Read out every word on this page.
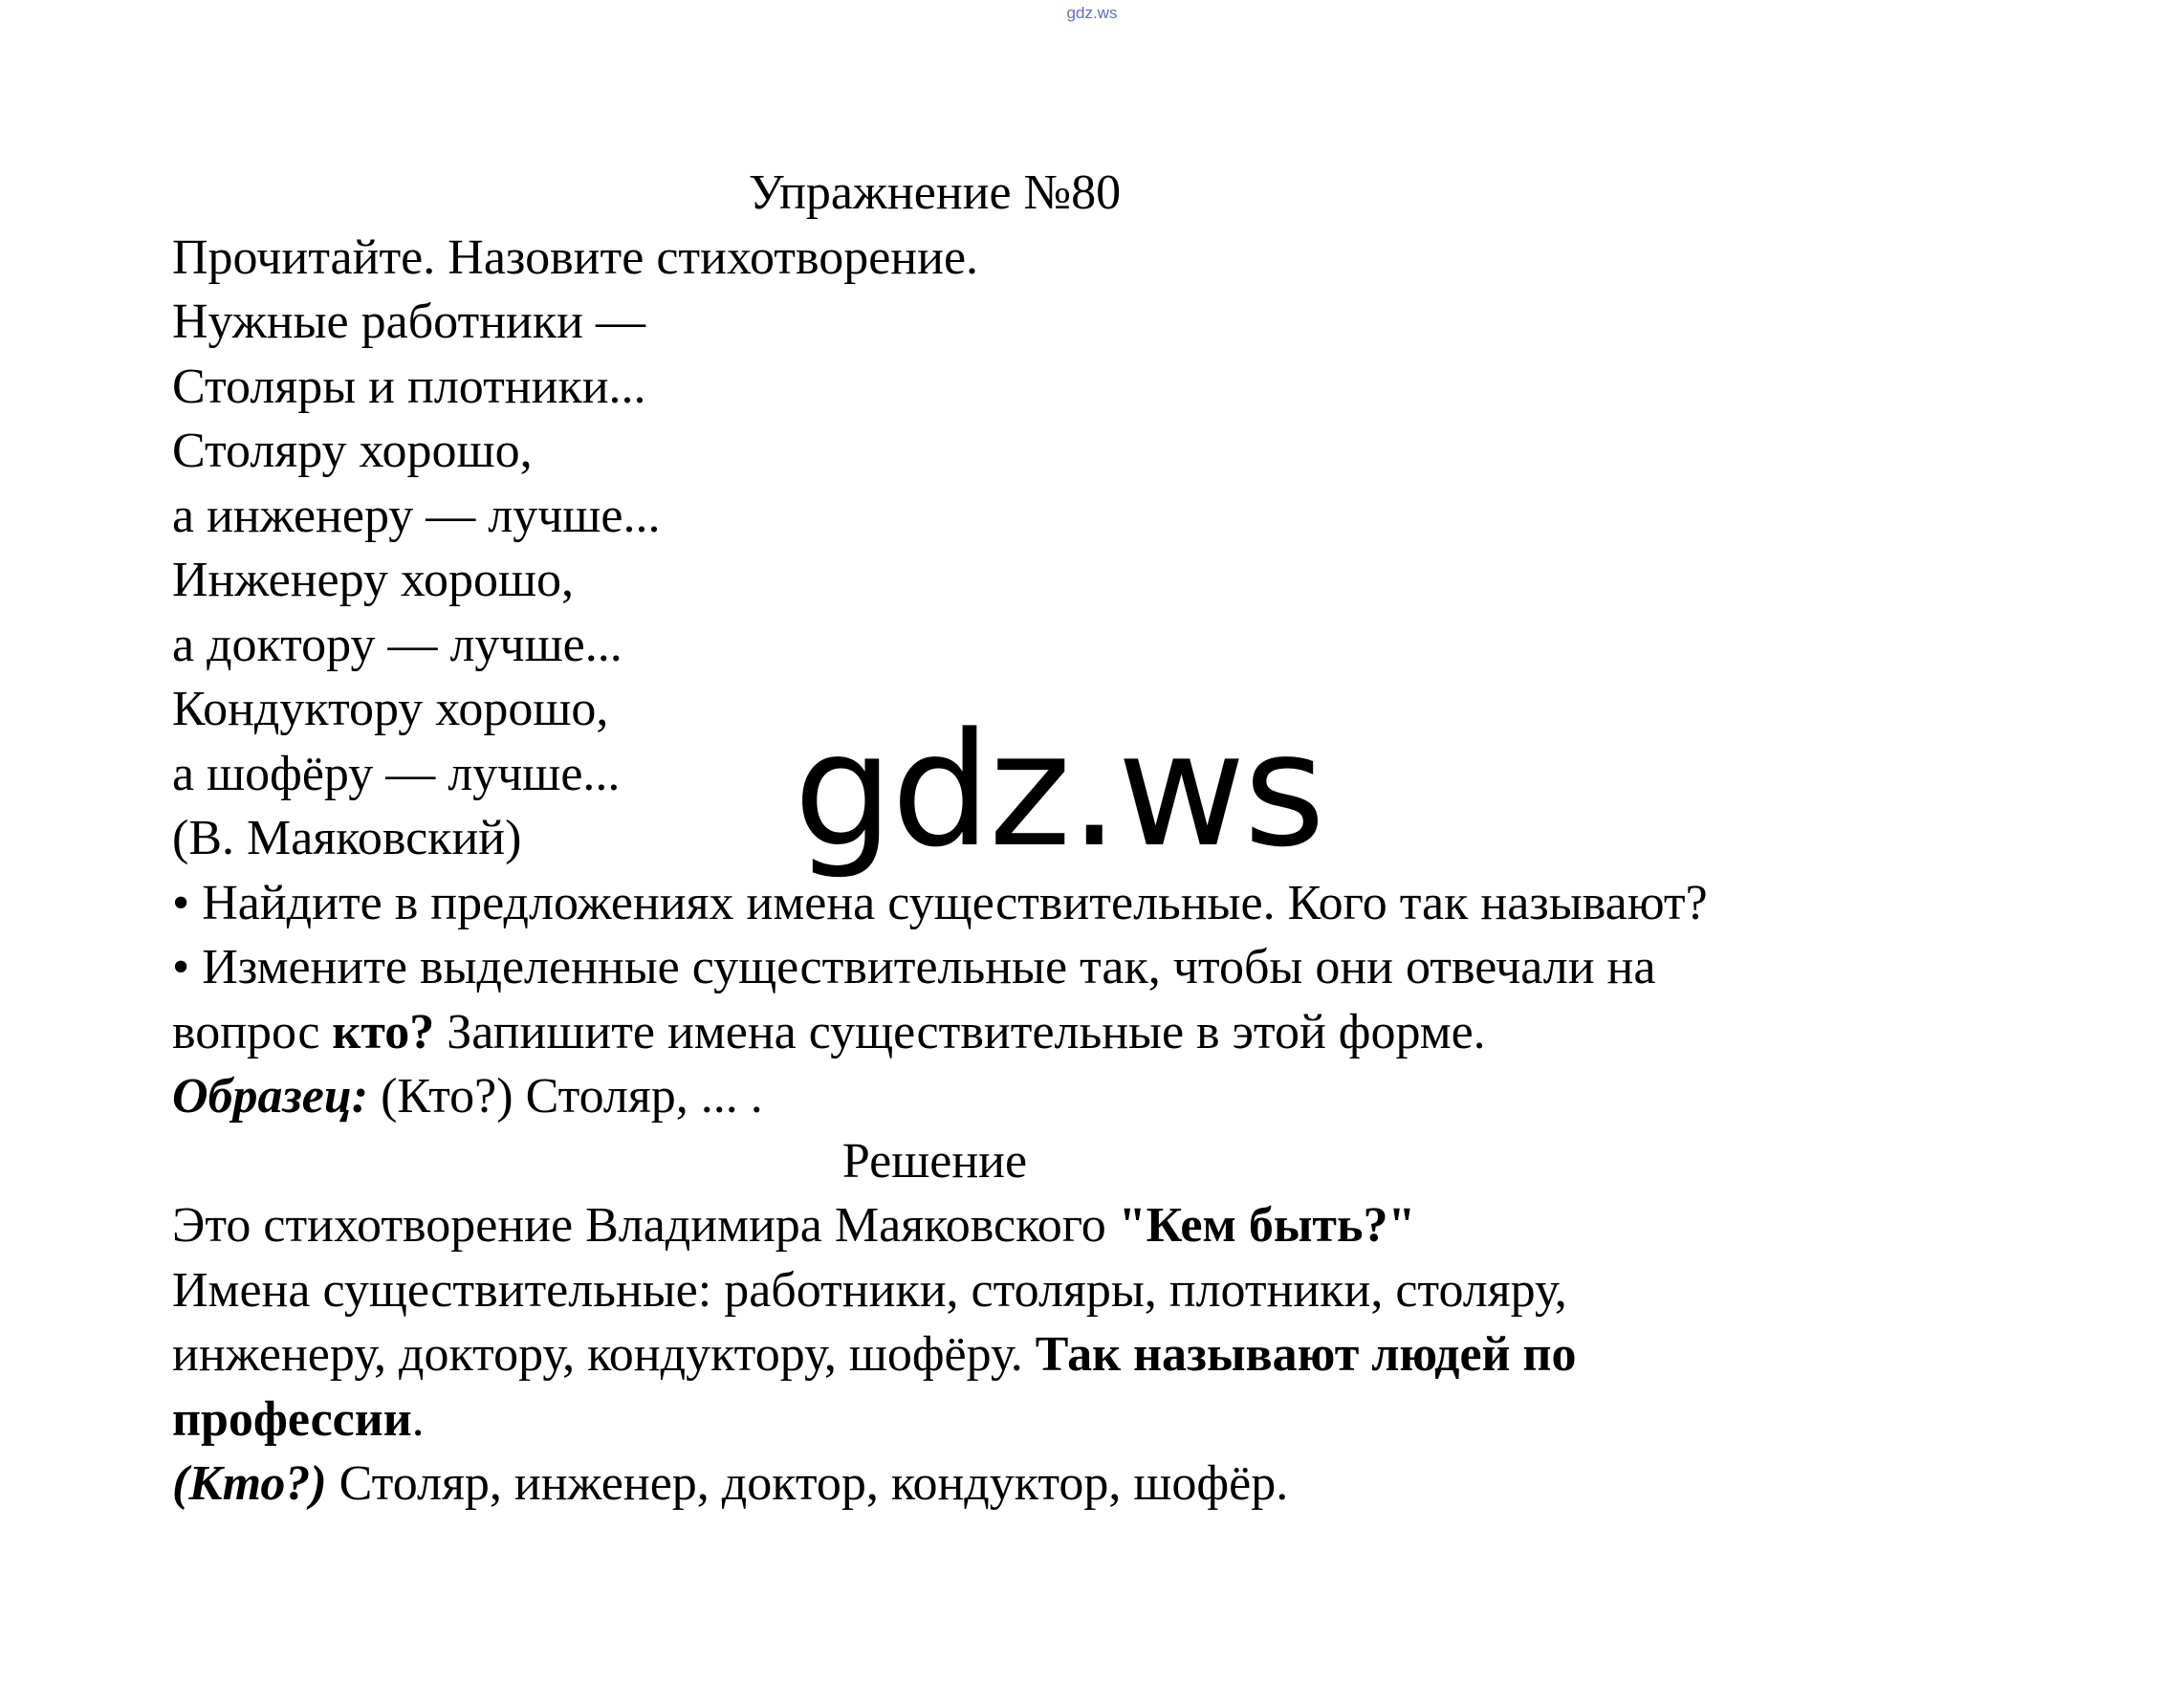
gdz.ws
Упражнение №80
Прочитайте. Назовите стихотворение.
Нужные работники —
Столяры и плотники...
Столяру хорошо,
а инженеру — лучше...
Инженеру хорошо,
а доктору — лучше...
Кондуктору хорошо,
а шофёру — лучше...
(В. Маяковский)
• Найдите в предложениях имена существительные. Кого так называют?
• Измените выделенные существительные так, чтобы они отвечали на
вопрос кто? Запишите имена существительные в этой форме.
Образец: (Кто?) Столяр, ... .
Решение
Это стихотворение Владимира Маяковского "Кем быть?"
Имена существительные: работники, столяры, плотники, столяру,
инженеру, доктору, кондуктору, шофёру. Так называют людей по
профессии.
(Кто?) Столяр, инженер, доктор, кондуктор, шофёр.
gdz.ws
